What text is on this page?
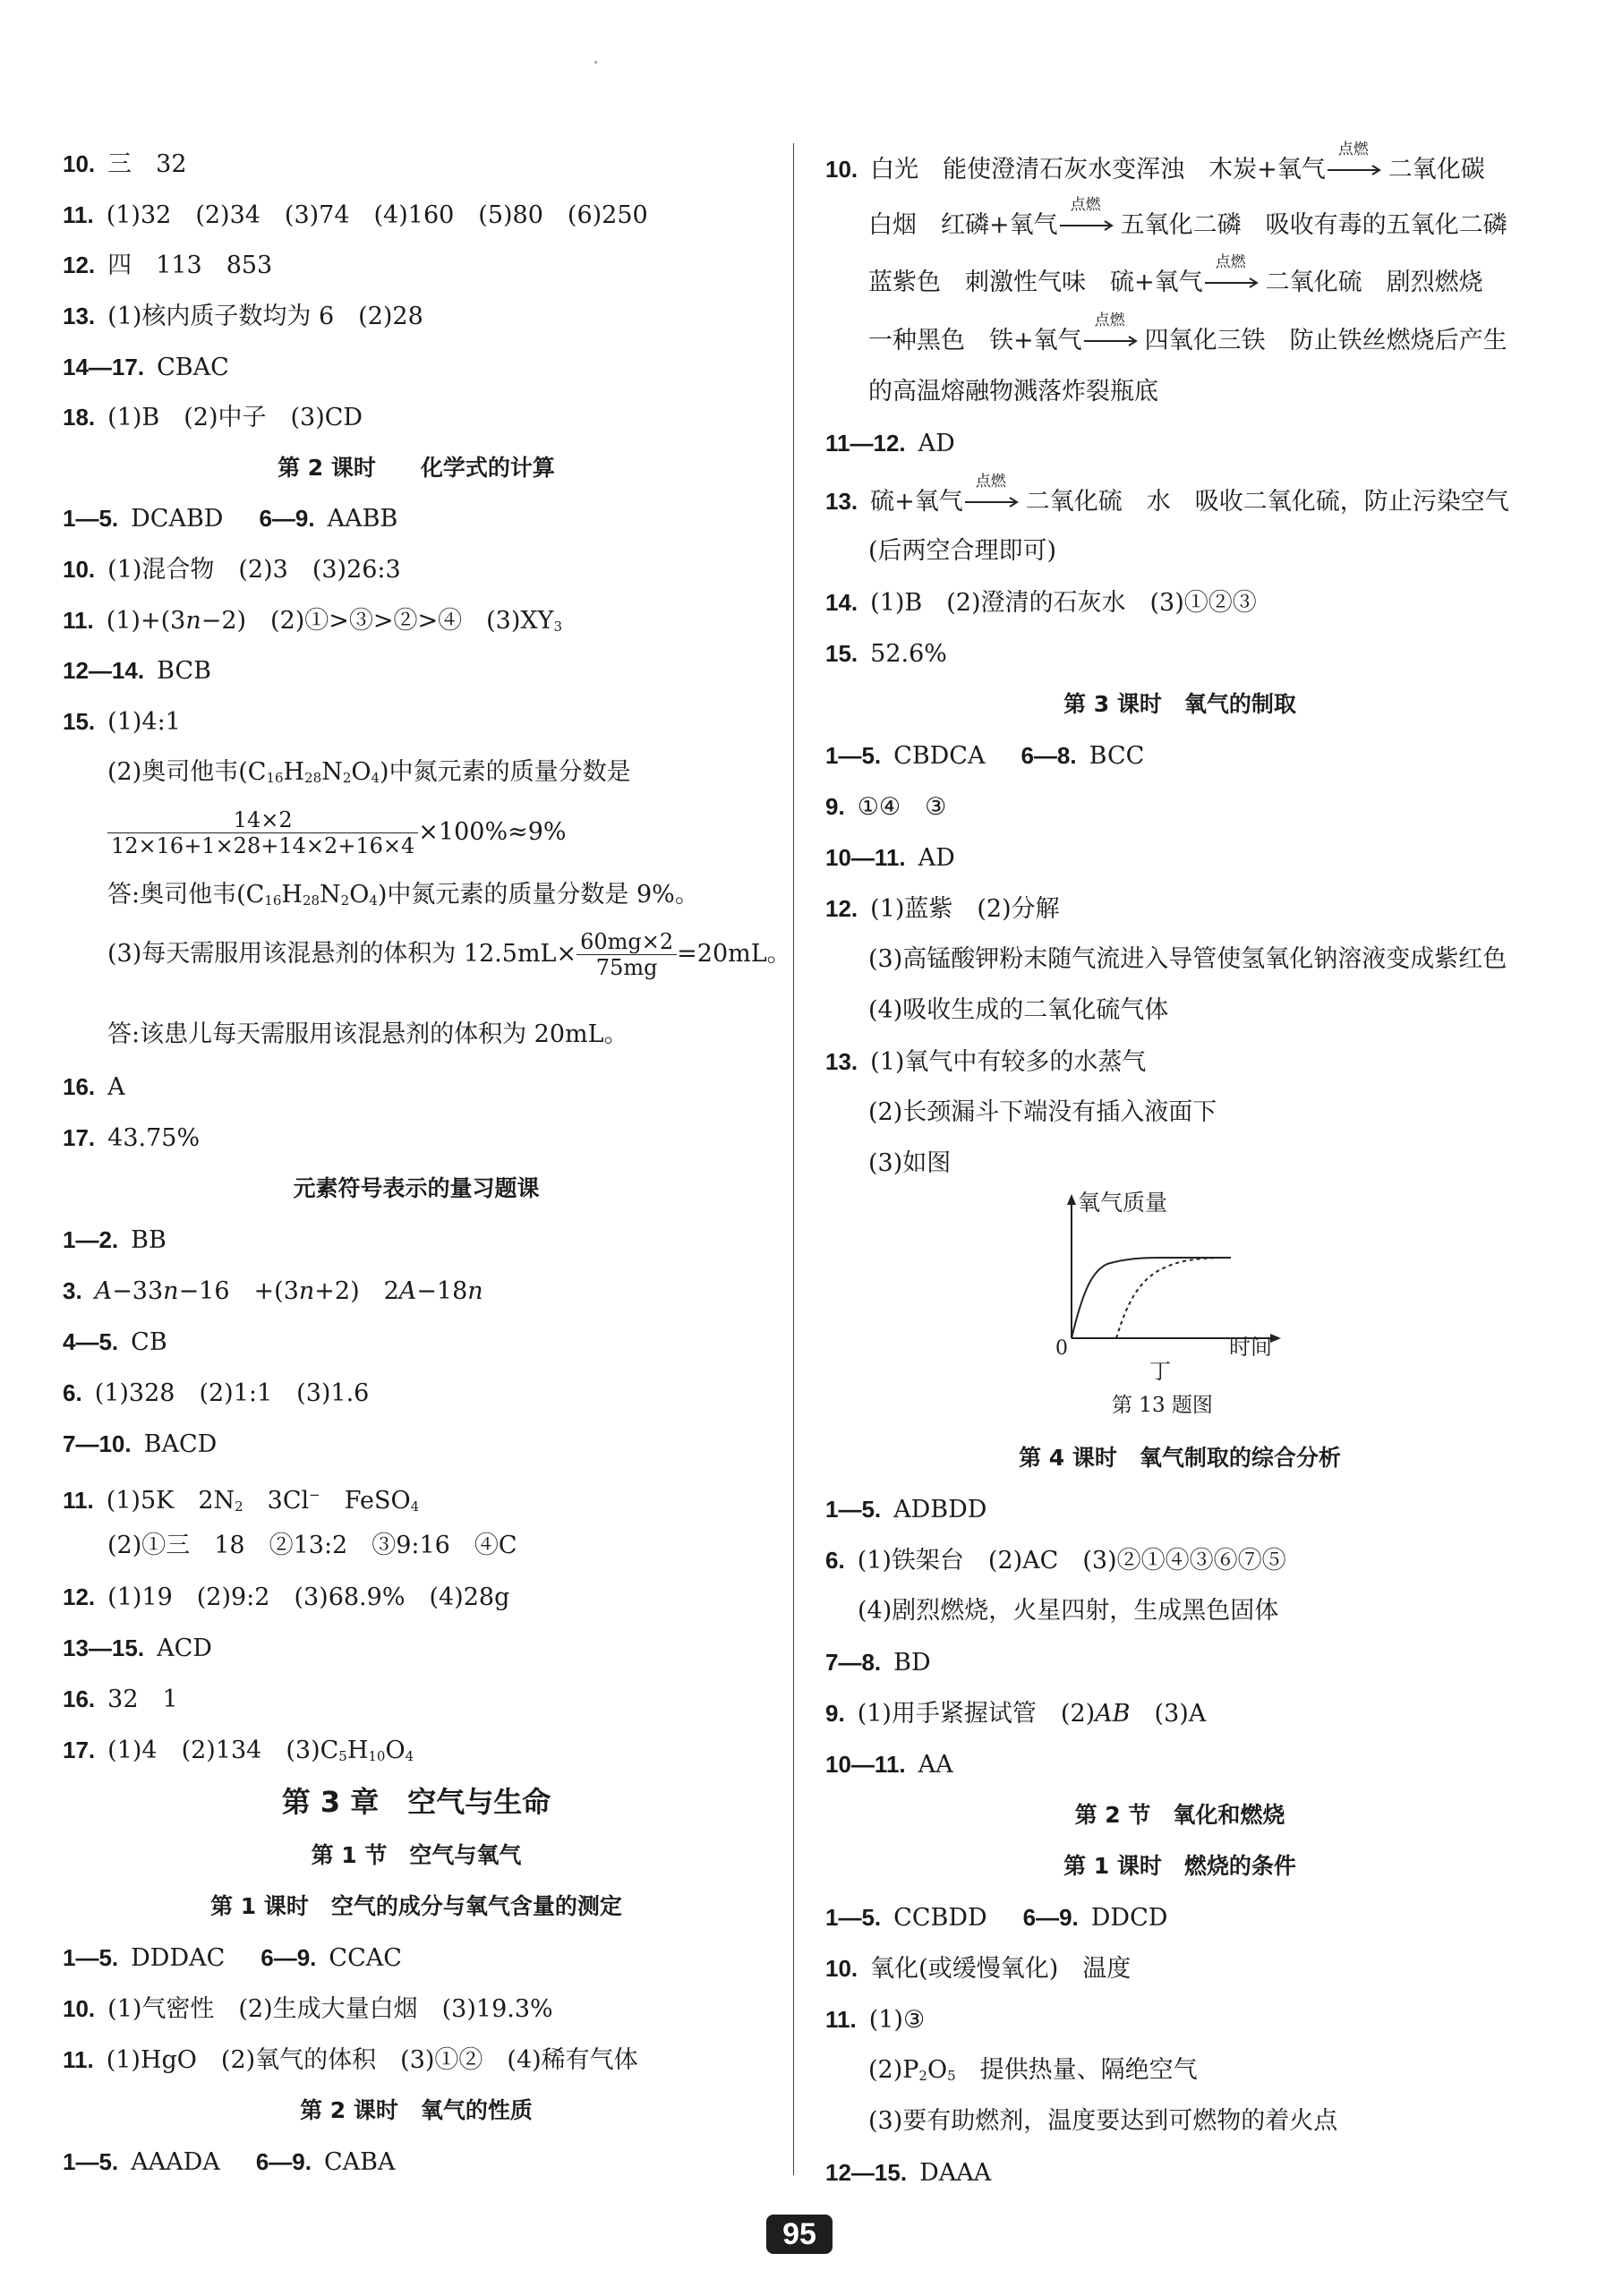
10. 三　32
11. (1)32　(2)34　(3)74　(4)160　(5)80　(6)250
12. 四　113　853
13. (1)核内质子数均为 6　(2)28
14—17. CBAC
18. (1)B　(2)中子　(3)CD
第 2 课时　　化学式的计算
1—5. DCABD 6—9. AABB
10. (1)混合物　(2)3　(3)26:3
11. (1)+(3n−2)　(2)①>③>②>④　$(3)XY_3$
12—14. BCB
15. (1)4:1
(2)奥司他韦$(C_{16}H_{28}N_2O_4)$中氮元素的质量分数是
$\frac{14\times 2}{12\times 16+1\times 28+14\times 2+16\times 4} \times 100\%\approx 9\%$
答:奥司他韦$(C_{16}H_{28}N_2O_4)$中氮元素的质量分数是 9%。
(3)每天需服用该混悬剂的体积为 $12.5mL\times \frac{60mg\times 2}{75mg} =20mL$。
答:该患儿每天需服用该混悬剂的体积为 20mL。
16. A
17. 43.75%
元素符号表示的量习题课
1—2. BB
3. A−33n−16　+(3n+2)　2A−18n
4—5. CB
6. (1)328　(2)1:1　(3)1.6
7—10. BACD
11. (1)5K　$2N_2$　3Cl−　FeSO$_4$
(2)①三　18　②13:2　③9:16　④C
12. (1)19　(2)9:2　(3)68.9%　(4)28g
13—15. ACD
16. 32　1
17. (1)4　(2)134　$(3)C_5H_{10}O_4$
第 3 章　空气与生命
第 1 节　空气与氧气
第 1 课时　空气的成分与氧气含量的测定
1—5. DDDAC 6—9. CCAC
10. (1)气密性　(2)生成大量白烟　(3)19.3%
11. (1)HgO　(2)氧气的体积　(3)①②　(4)稀有气体
第 2 课时　氧气的性质
1—5. AAADA 6—9. CABA
10. 白光　能使澄清石灰水变浑浊　木炭+氧气
点燃
二氧化碳
白烟　红磷+氧气
点燃
五氧化二磷　吸收有毒的五氧化二磷
蓝紫色　刺激性气味　硫+氧气
点燃
二氧化硫　剧烈燃烧
一种黑色　铁+氧气
点燃
四氧化三铁　防止铁丝燃烧后产生
的高温熔融物溅落炸裂瓶底
11—12. AD
13. 硫+氧气
点燃
二氧化硫　水　吸收二氧化硫，防止污染空气
(后两空合理即可)
14. (1)B　(2)澄清的石灰水　(3)①②③
15. 52.6%
第 3 课时　氧气的制取
1—5. CBDCA 6—8. BCC
9. ①④　③
10—11. AD
12. (1)蓝紫　(2)分解
(3)高锰酸钾粉末随气流进入导管使氢氧化钠溶液变成紫红色
(4)吸收生成的二氧化硫气体
13. (1)氧气中有较多的水蒸气
(2)长颈漏斗下端没有插入液面下
(3)如图
氧气质量
0	时间
丁
第 13 题图
第 4 课时　氧气制取的综合分析
1—5. ADBDD
6. (1)铁架台　(2)AC　(3)②①④③⑥⑦⑤
(4)剧烈燃烧，火星四射，生成黑色固体
7—8. BD
9. (1)用手紧握试管　(2)AB　(3)A
10—11. AA
第 2 节　氧化和燃烧
第 1 课时　燃烧的条件
1—5. CCBDD 6—9. DDCD
10. 氧化(或缓慢氧化)　温度
11. (1)③
$(2)P_2O_5$　提供热量、隔绝空气
(3)要有助燃剂，温度要达到可燃物的着火点
12—15. DAAA
95
